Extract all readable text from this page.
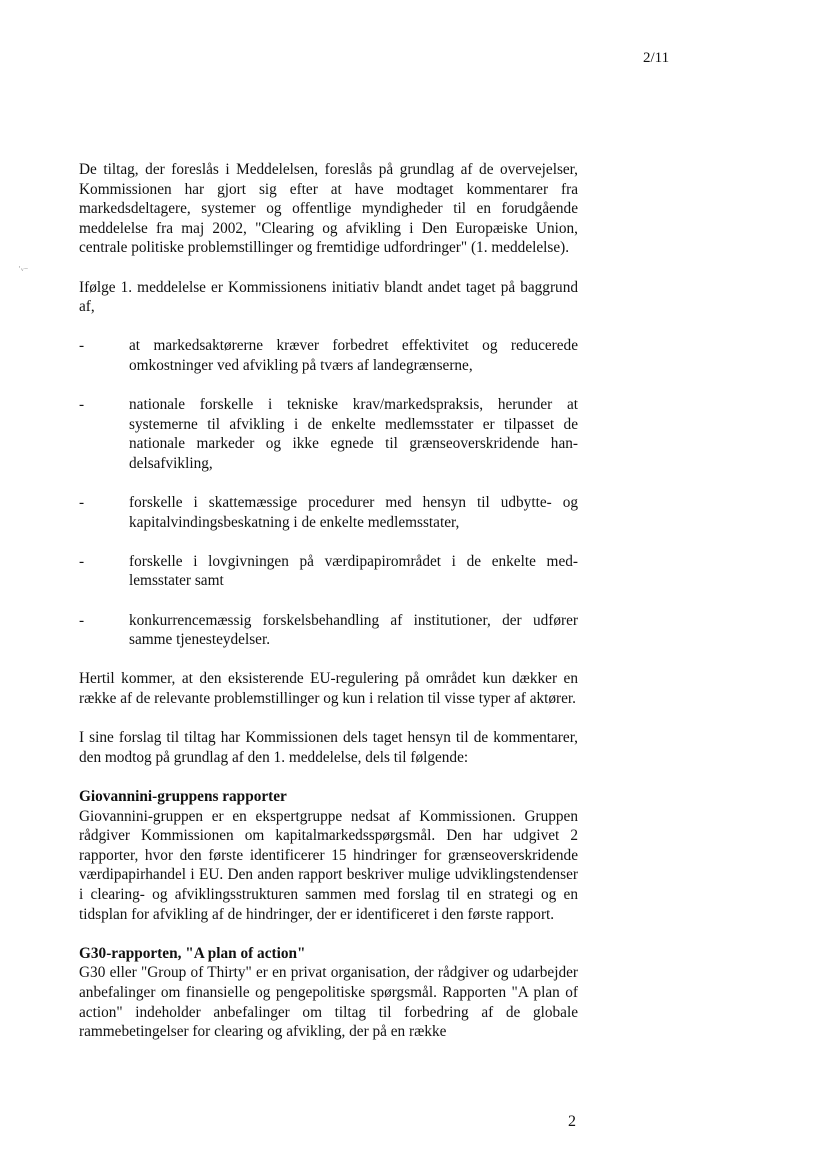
2/11
·ᵥ₋

De tiltag, der foreslås i Meddelelsen, foreslås på grundlag af de overvejelser, Kommissionen har gjort sig efter at have modtaget kommentarer fra markedsdeltagere, systemer og offentlige myndigheder til en forudgående meddelelse fra maj 2002, "Clearing og afvikling i Den Europæiske Union, centrale politiske problemstillinger og fremtidige udfordringer" (1. meddelelse).

Ifølge 1. meddelelse er Kommissionens initiativ blandt andet taget på baggrund af,

-	at markedsaktørerne kræver forbedret effektivitet og reducerede omkostninger ved afvikling på tværs af landegrænserne,
-	nationale forskelle i tekniske krav/markedspraksis, herunder at systemerne til afvikling i de enkelte medlemsstater er tilpasset de nationale markeder og ikke egnede til grænseoverskridende handelsafvikling,
-	forskelle i skattemæssige procedurer med hensyn til udbytte- og kapitalvindingsbeskatning i de enkelte medlemsstater,
-	forskelle i lovgivningen på værdipapirområdet i de enkelte medlemsstater samt
-	konkurrencemæssig forskelsbehandling af institutioner, der udfører samme tjenesteydelser.

Hertil kommer, at den eksisterende EU-regulering på området kun dækker en række af de relevante problemstillinger og kun i relation til visse typer af aktører.

I sine forslag til tiltag har Kommissionen dels taget hensyn til de kommentarer, den modtog på grundlag af den 1. meddelelse, dels til følgende:

Giovannini-gruppens rapporter

Giovannini-gruppen er en ekspertgruppe nedsat af Kommissionen. Gruppen rådgiver Kommissionen om kapitalmarkedsspørgsmål. Den har udgivet 2 rapporter, hvor den første identificerer 15 hindringer for grænseoverskridende værdipapirhandel i EU. Den anden rapport beskriver mulige udviklingstendenser i clearing- og afviklingsstrukturen sammen med forslag til en strategi og en tidsplan for afvikling af de hindringer, der er identificeret i den første rapport.

G30-rapporten, "A plan of action"

G30 eller "Group of Thirty" er en privat organisation, der rådgiver og udarbejder anbefalinger om finansielle og pengepolitiske spørgsmål. Rapporten "A plan of action" indeholder anbefalinger om tiltag til forbedring af de globale rammebetingelser for clearing og afvikling, der på en række

2
